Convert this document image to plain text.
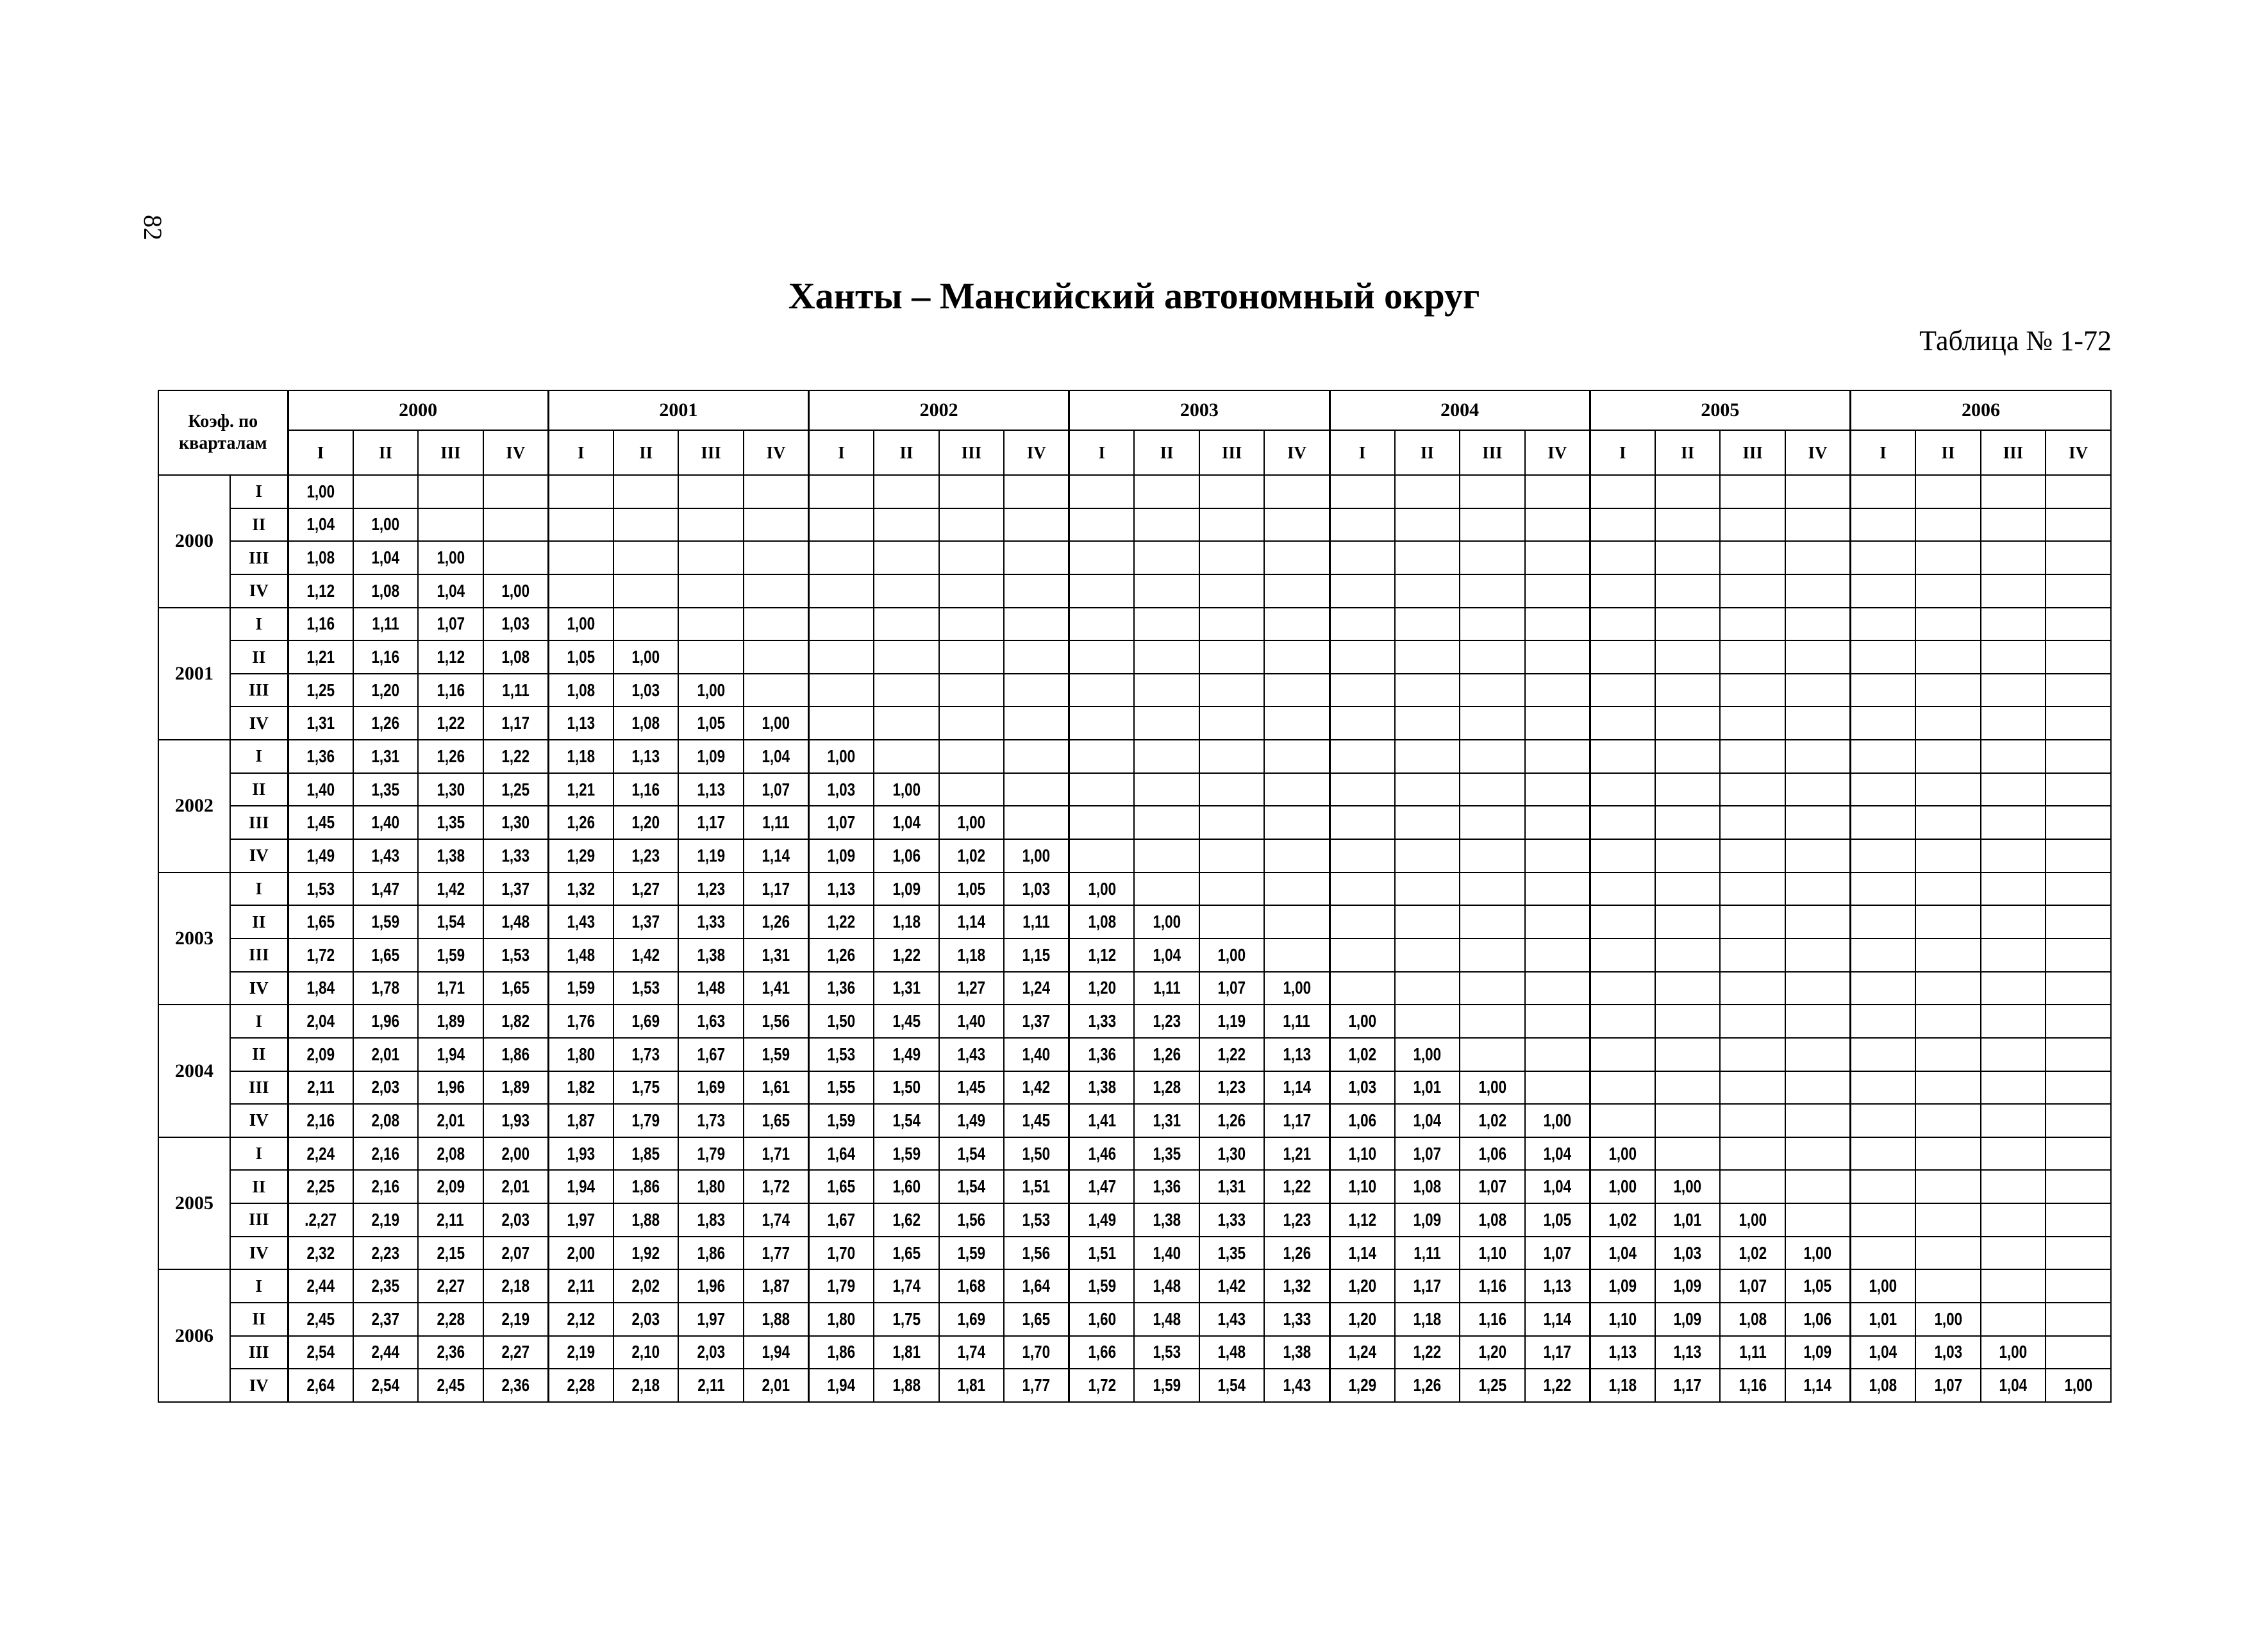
82
Ханты – Мансийский автономный округ
Таблица № 1-72
Коэф. по кварталам		2000				2001				2002				2003				2004				2005				2006			
		I	II	III	IV	I	II	III	IV	I	II	III	IV	I	II	III	IV	I	II	III	IV	I	II	III	IV	I	II	III	IV
2000	I	1,00																											
	II	1,04	1,00																										
	III	1,08	1,04	1,00																									
	IV	1,12	1,08	1,04	1,00																								
2001	I	1,16	1,11	1,07	1,03	1,00																							
	II	1,21	1,16	1,12	1,08	1,05	1,00																						
	III	1,25	1,20	1,16	1,11	1,08	1,03	1,00																					
	IV	1,31	1,26	1,22	1,17	1,13	1,08	1,05	1,00																				
2002	I	1,36	1,31	1,26	1,22	1,18	1,13	1,09	1,04	1,00																			
	II	1,40	1,35	1,30	1,25	1,21	1,16	1,13	1,07	1,03	1,00																		
	III	1,45	1,40	1,35	1,30	1,26	1,20	1,17	1,11	1,07	1,04	1,00																	
	IV	1,49	1,43	1,38	1,33	1,29	1,23	1,19	1,14	1,09	1,06	1,02	1,00																
2003	I	1,53	1,47	1,42	1,37	1,32	1,27	1,23	1,17	1,13	1,09	1,05	1,03	1,00															
	II	1,65	1,59	1,54	1,48	1,43	1,37	1,33	1,26	1,22	1,18	1,14	1,11	1,08	1,00														
	III	1,72	1,65	1,59	1,53	1,48	1,42	1,38	1,31	1,26	1,22	1,18	1,15	1,12	1,04	1,00													
	IV	1,84	1,78	1,71	1,65	1,59	1,53	1,48	1,41	1,36	1,31	1,27	1,24	1,20	1,11	1,07	1,00												
2004	I	2,04	1,96	1,89	1,82	1,76	1,69	1,63	1,56	1,50	1,45	1,40	1,37	1,33	1,23	1,19	1,11	1,00											
	II	2,09	2,01	1,94	1,86	1,80	1,73	1,67	1,59	1,53	1,49	1,43	1,40	1,36	1,26	1,22	1,13	1,02	1,00										
	III	2,11	2,03	1,96	1,89	1,82	1,75	1,69	1,61	1,55	1,50	1,45	1,42	1,38	1,28	1,23	1,14	1,03	1,01	1,00									
	IV	2,16	2,08	2,01	1,93	1,87	1,79	1,73	1,65	1,59	1,54	1,49	1,45	1,41	1,31	1,26	1,17	1,06	1,04	1,02	1,00								
2005	I	2,24	2,16	2,08	2,00	1,93	1,85	1,79	1,71	1,64	1,59	1,54	1,50	1,46	1,35	1,30	1,21	1,10	1,07	1,06	1,04	1,00							
	II	2,25	2,16	2,09	2,01	1,94	1,86	1,80	1,72	1,65	1,60	1,54	1,51	1,47	1,36	1,31	1,22	1,10	1,08	1,07	1,04	1,00	1,00						
	III	.2,27	2,19	2,11	2,03	1,97	1,88	1,83	1,74	1,67	1,62	1,56	1,53	1,49	1,38	1,33	1,23	1,12	1,09	1,08	1,05	1,02	1,01	1,00					
	IV	2,32	2,23	2,15	2,07	2,00	1,92	1,86	1,77	1,70	1,65	1,59	1,56	1,51	1,40	1,35	1,26	1,14	1,11	1,10	1,07	1,04	1,03	1,02	1,00				
2006	I	2,44	2,35	2,27	2,18	2,11	2,02	1,96	1,87	1,79	1,74	1,68	1,64	1,59	1,48	1,42	1,32	1,20	1,17	1,16	1,13	1,09	1,09	1,07	1,05	1,00			
	II	2,45	2,37	2,28	2,19	2,12	2,03	1,97	1,88	1,80	1,75	1,69	1,65	1,60	1,48	1,43	1,33	1,20	1,18	1,16	1,14	1,10	1,09	1,08	1,06	1,01	1,00		
	III	2,54	2,44	2,36	2,27	2,19	2,10	2,03	1,94	1,86	1,81	1,74	1,70	1,66	1,53	1,48	1,38	1,24	1,22	1,20	1,17	1,13	1,13	1,11	1,09	1,04	1,03	1,00	
	IV	2,64	2,54	2,45	2,36	2,28	2,18	2,11	2,01	1,94	1,88	1,81	1,77	1,72	1,59	1,54	1,43	1,29	1,26	1,25	1,22	1,18	1,17	1,16	1,14	1,08	1,07	1,04	1,00
